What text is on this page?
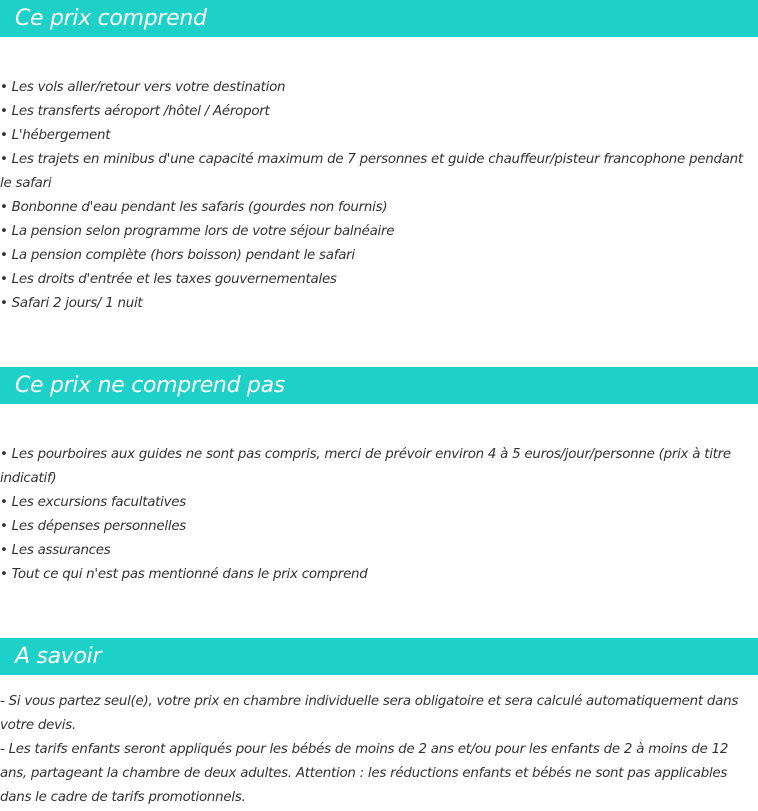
Ce prix comprend
• Les vols aller/retour vers votre destination
• Les transferts aéroport /hôtel / Aéroport
• L'hébergement
• Les trajets en minibus d'une capacité maximum de 7 personnes et guide chauffeur/pisteur francophone pendant le safari
• Bonbonne d'eau pendant les safaris (gourdes non fournis)
• La pension selon programme lors de votre séjour balnéaire
• La pension complète (hors boisson) pendant le safari
• Les droits d'entrée et les taxes gouvernementales
• Safari 2 jours/ 1 nuit
Ce prix ne comprend pas
• Les pourboires aux guides ne sont pas compris, merci de prévoir environ 4 à 5 euros/jour/personne (prix à titre indicatif)
• Les excursions facultatives
• Les dépenses personnelles
• Les assurances
• Tout ce qui n'est pas mentionné dans le prix comprend
A savoir
- Si vous partez seul(e), votre prix en chambre individuelle sera obligatoire et sera calculé automatiquement dans votre devis.
- Les tarifs enfants seront appliqués pour les bébés de moins de 2 ans et/ou pour les enfants de 2 à moins de 12 ans, partageant la chambre de deux adultes. Attention : les réductions enfants et bébés ne sont pas applicables dans le cadre de tarifs promotionnels.
